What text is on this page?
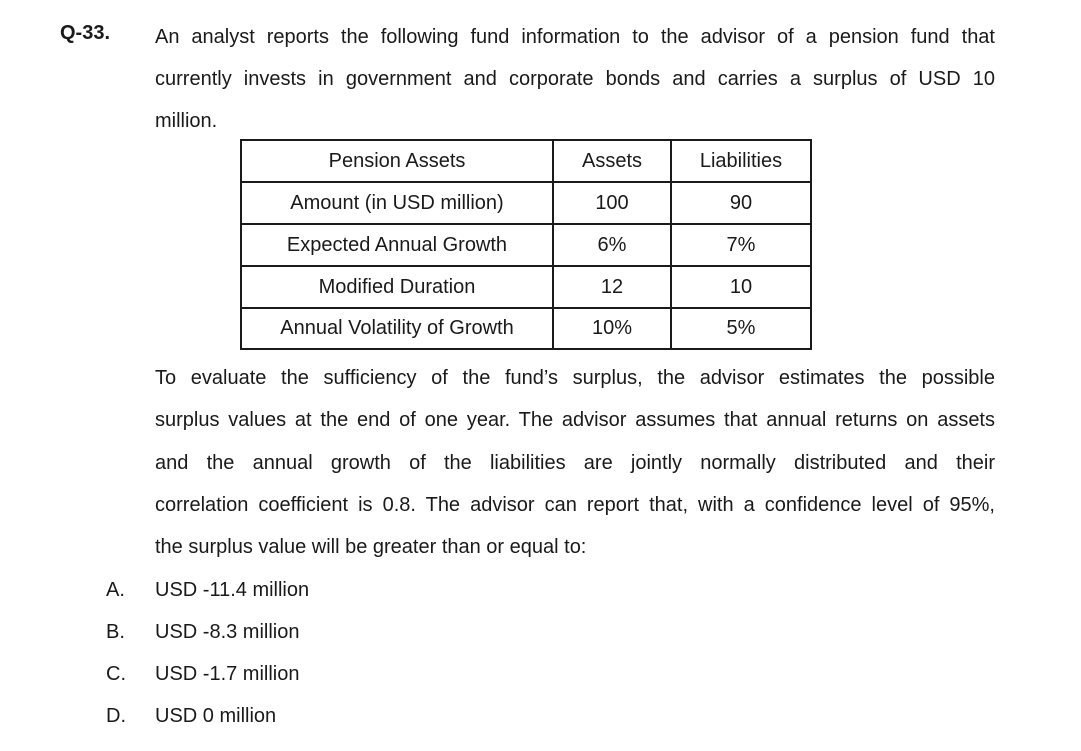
Q-33. An analyst reports the following fund information to the advisor of a pension fund that
currently invests in government and corporate bonds and carries a surplus of USD 10
million.
Pension Assets	Assets	Liabilities
Amount (in USD million)	100	90
Expected Annual Growth	6%	7%
Modified Duration	12	10
Annual Volatility of Growth	10%	5%
To evaluate the sufficiency of the fund’s surplus, the advisor estimates the possible
surplus values at the end of one year. The advisor assumes that annual returns on assets
and the annual growth of the liabilities are jointly normally distributed and their
correlation coefficient is 0.8. The advisor can report that, with a confidence level of 95%,
the surplus value will be greater than or equal to:
A. USD -11.4 million
B. USD -8.3 million
C. USD -1.7 million
D. USD 0 million
